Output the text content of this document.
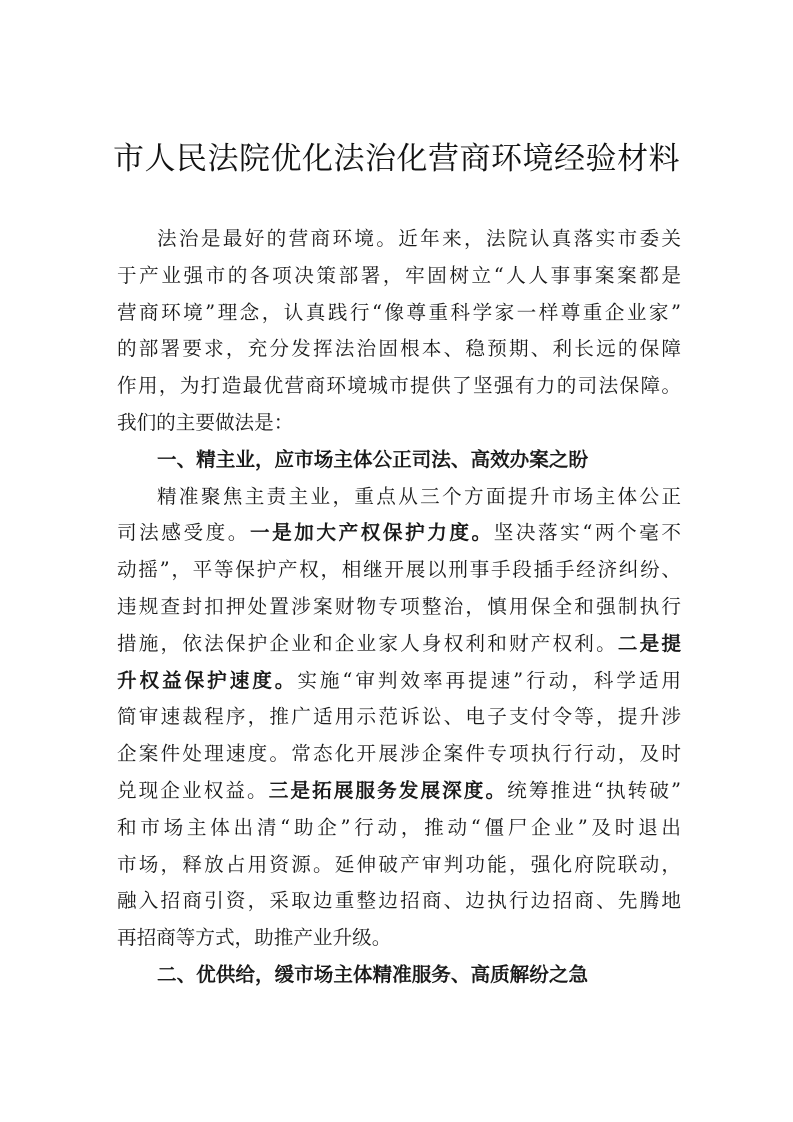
市人民法院优化法治化营商环境经验材料
法治是最好的营商环境。近年来，法院认真落实市委关
于产业强市的各项决策部署，牢固树立“人人事事案案都是
营商环境”理念，认真践行“像尊重科学家一样尊重企业家”
的部署要求，充分发挥法治固根本、稳预期、利长远的保障
作用，为打造最优营商环境城市提供了坚强有力的司法保障。
我们的主要做法是：
一、精主业，应市场主体公正司法、高效办案之盼
精准聚焦主责主业，重点从三个方面提升市场主体公正
司法感受度。一是加大产权保护力度。坚决落实“两个毫不
动摇”，平等保护产权，相继开展以刑事手段插手经济纠纷、
违规查封扣押处置涉案财物专项整治，慎用保全和强制执行
措施，依法保护企业和企业家人身权利和财产权利。二是提
升权益保护速度。实施“审判效率再提速”行动，科学适用
简审速裁程序，推广适用示范诉讼、电子支付令等，提升涉
企案件处理速度。常态化开展涉企案件专项执行行动，及时
兑现企业权益。三是拓展服务发展深度。统筹推进“执转破”
和市场主体出清“助企”行动，推动“僵尸企业”及时退出
市场，释放占用资源。延伸破产审判功能，强化府院联动，
融入招商引资，采取边重整边招商、边执行边招商、先腾地
再招商等方式，助推产业升级。
二、优供给，缓市场主体精准服务、高质解纷之急
